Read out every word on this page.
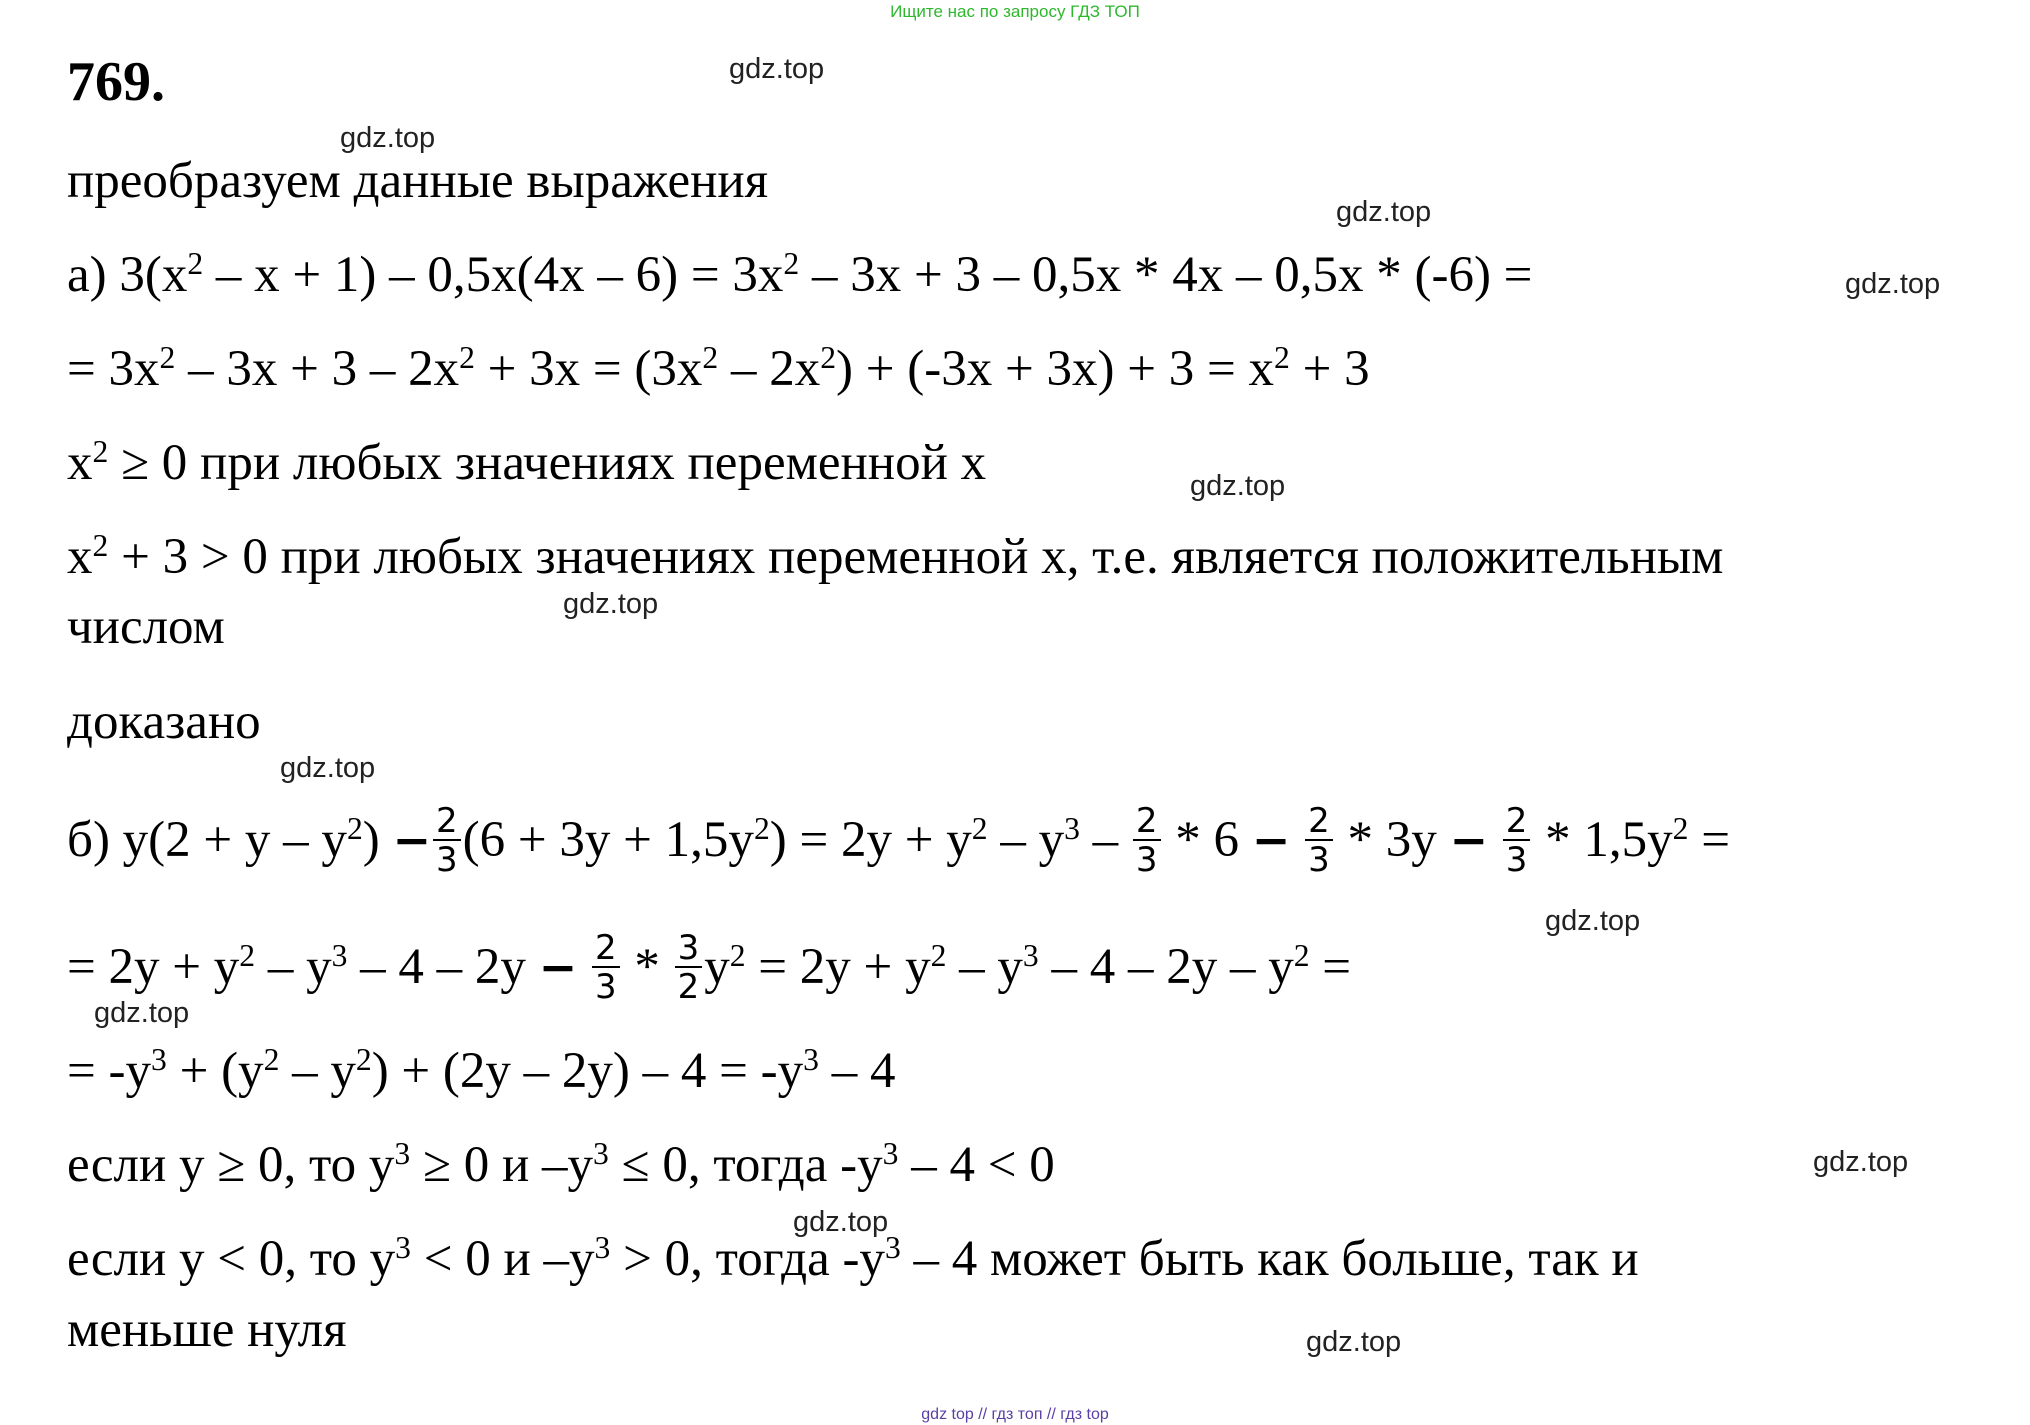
Ищите нас по запросу ГДЗ ТОП
769.
преобразуем данные выражения
а) $3(x^2 - x + 1) - 0,5x(4x - 6) = 3x^2 - 3x + 3 - 0,5x * 4x - 0,5x * (-6)$ =
= $3x^2 - 3x + 3 - 2x^2 + 3x = (3x^2 - 2x^2) + (-3x + 3x) + 3 = x^2 + 3$
$x^2 \ge 0$ при любых значениях переменной x
$x^2 + 3 > 0$ при любых значениях переменной x, т.е. является положительным
числом
доказано
б) $y(2 + y - y^2) - \frac{2}{3} (6 + 3y + 1,5y^2) = 2y + y^2 - y^3 - \frac{2}{3} * 6 - \frac{2}{3} * 3y - \frac{2}{3} * 1,5y^2$ =
= $2y + y^2 - y^3 - 4 - 2y - \frac{2}{3} * \frac{3}{2} y^2 = 2y + y^2 - y^3 - 4 - 2y - y^2$ =
= $-y^3 + (y^2 - y^2) + (2y - 2y) - 4 = -y^3 - 4$
если y ≥ 0, то $y^3 \ge 0$ и $-y^3 \le 0$, тогда $-y^3 - 4 < 0$
если y < 0, то $y^3 < 0$ и $-y^3 > 0$, тогда $-y^3 - 4$ может быть как больше, так и
меньше нуля
gdz.top
gdz.top
gdz.top
gdz.top
gdz.top
gdz.top
gdz.top
gdz.top
gdz.top
gdz.top
gdz.top
gdz.top
gdz top // гдз топ // гдз top
